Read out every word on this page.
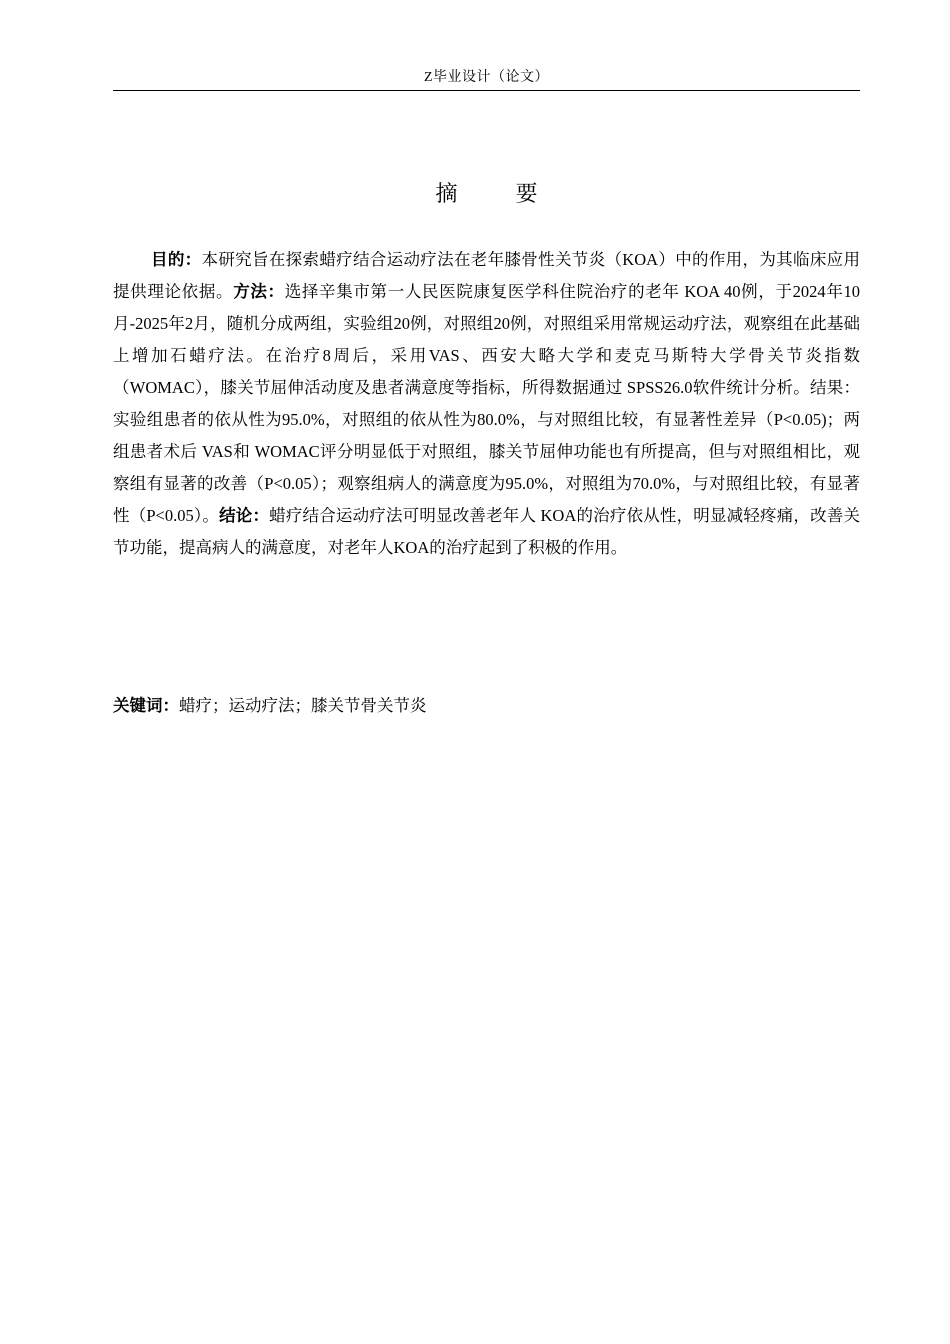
Z毕业设计（论文）
摘　要

目的：本研究旨在探索蜡疗结合运动疗法在老年膝骨性关节炎（KOA）中的作用，为其临床应用提供理论依据。方法：选择辛集市第一人民医院康复医学科住院治疗的老年 KOA 40例，于2024年10月-2025年2月，随机分成两组，实验组20例，对照组20例，对照组采用常规运动疗法，观察组在此基础上增加石蜡疗法。在治疗8周后，采用VAS、西安大略大学和麦克马斯特大学骨关节炎指数（WOMAC），膝关节屈伸活动度及患者满意度等指标，所得数据通过 SPSS26.0软件统计分析。结果：实验组患者的依从性为95.0%，对照组的依从性为80.0%，与对照组比较，有显著性差异（P<0.05)；两组患者术后 VAS和 WOMAC评分明显低于对照组，膝关节屈伸功能也有所提高，但与对照组相比，观察组有显著的改善（P<0.05）；观察组病人的满意度为95.0%，对照组为70.0%，与对照组比较，有显著性（P<0.05）。结论：蜡疗结合运动疗法可明显改善老年人 KOA的治疗依从性，明显减轻疼痛，改善关节功能，提高病人的满意度，对老年人KOA的治疗起到了积极的作用。

关键词：蜡疗；运动疗法；膝关节骨关节炎
